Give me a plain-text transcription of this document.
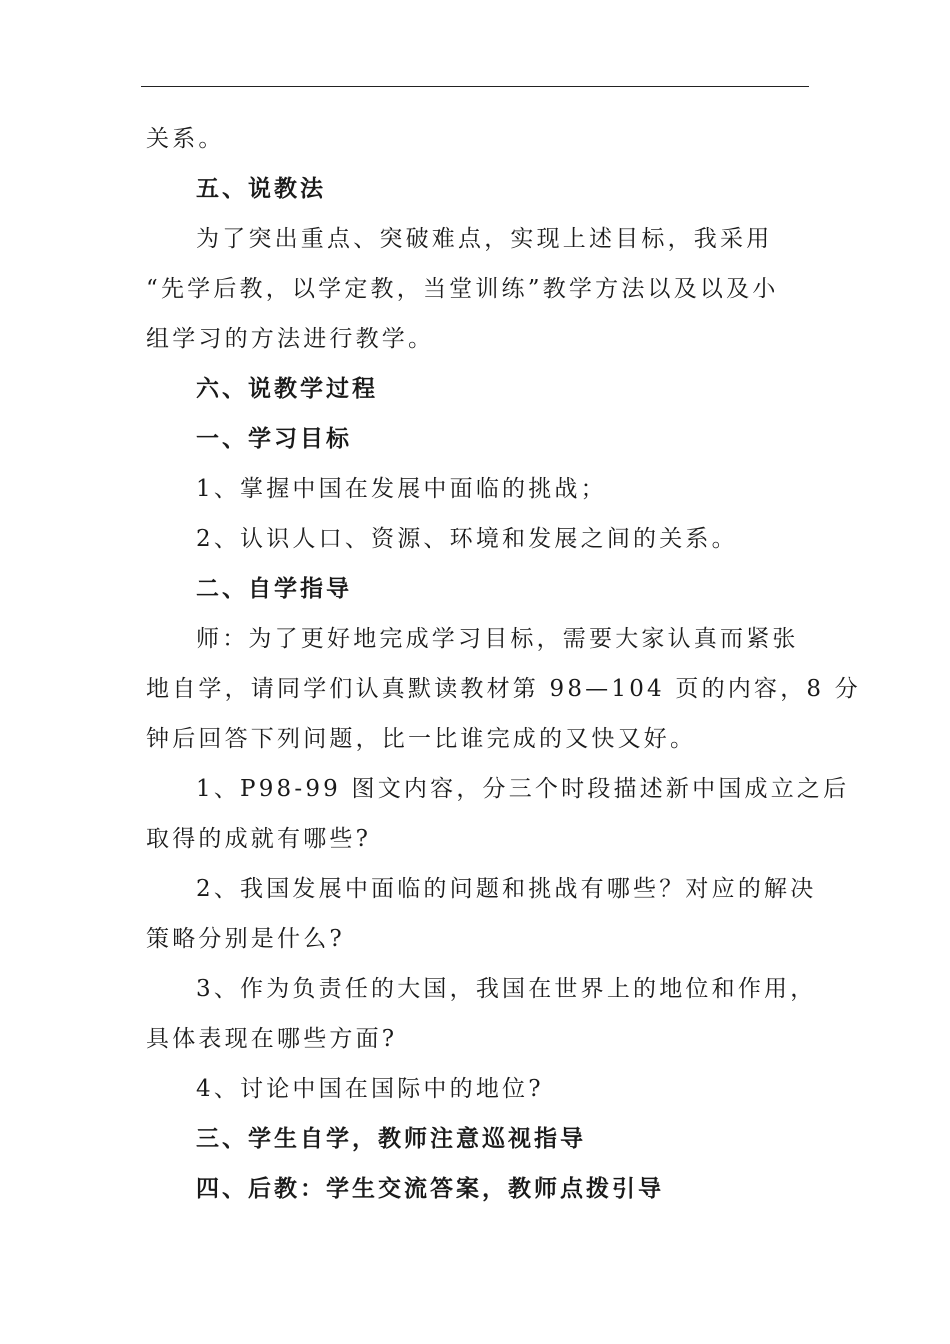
关系。
五、说教法
为了突出重点、突破难点，实现上述目标，我采用
“先学后教，以学定教，当堂训练”教学方法以及以及小
组学习的方法进行教学。
六、说教学过程
一、学习目标
1、掌握中国在发展中面临的挑战；
2、认识人口、资源、环境和发展之间的关系。
二、自学指导
师：为了更好地完成学习目标，需要大家认真而紧张
地自学，请同学们认真默读教材第 98—104 页的内容，8 分
钟后回答下列问题，比一比谁完成的又快又好。
1、P98-99 图文内容，分三个时段描述新中国成立之后
取得的成就有哪些?
2、我国发展中面临的问题和挑战有哪些？对应的解决
策略分别是什么?
3、作为负责任的大国，我国在世界上的地位和作用，
具体表现在哪些方面?
4、讨论中国在国际中的地位?
三、学生自学，教师注意巡视指导
四、后教：学生交流答案，教师点拨引导
